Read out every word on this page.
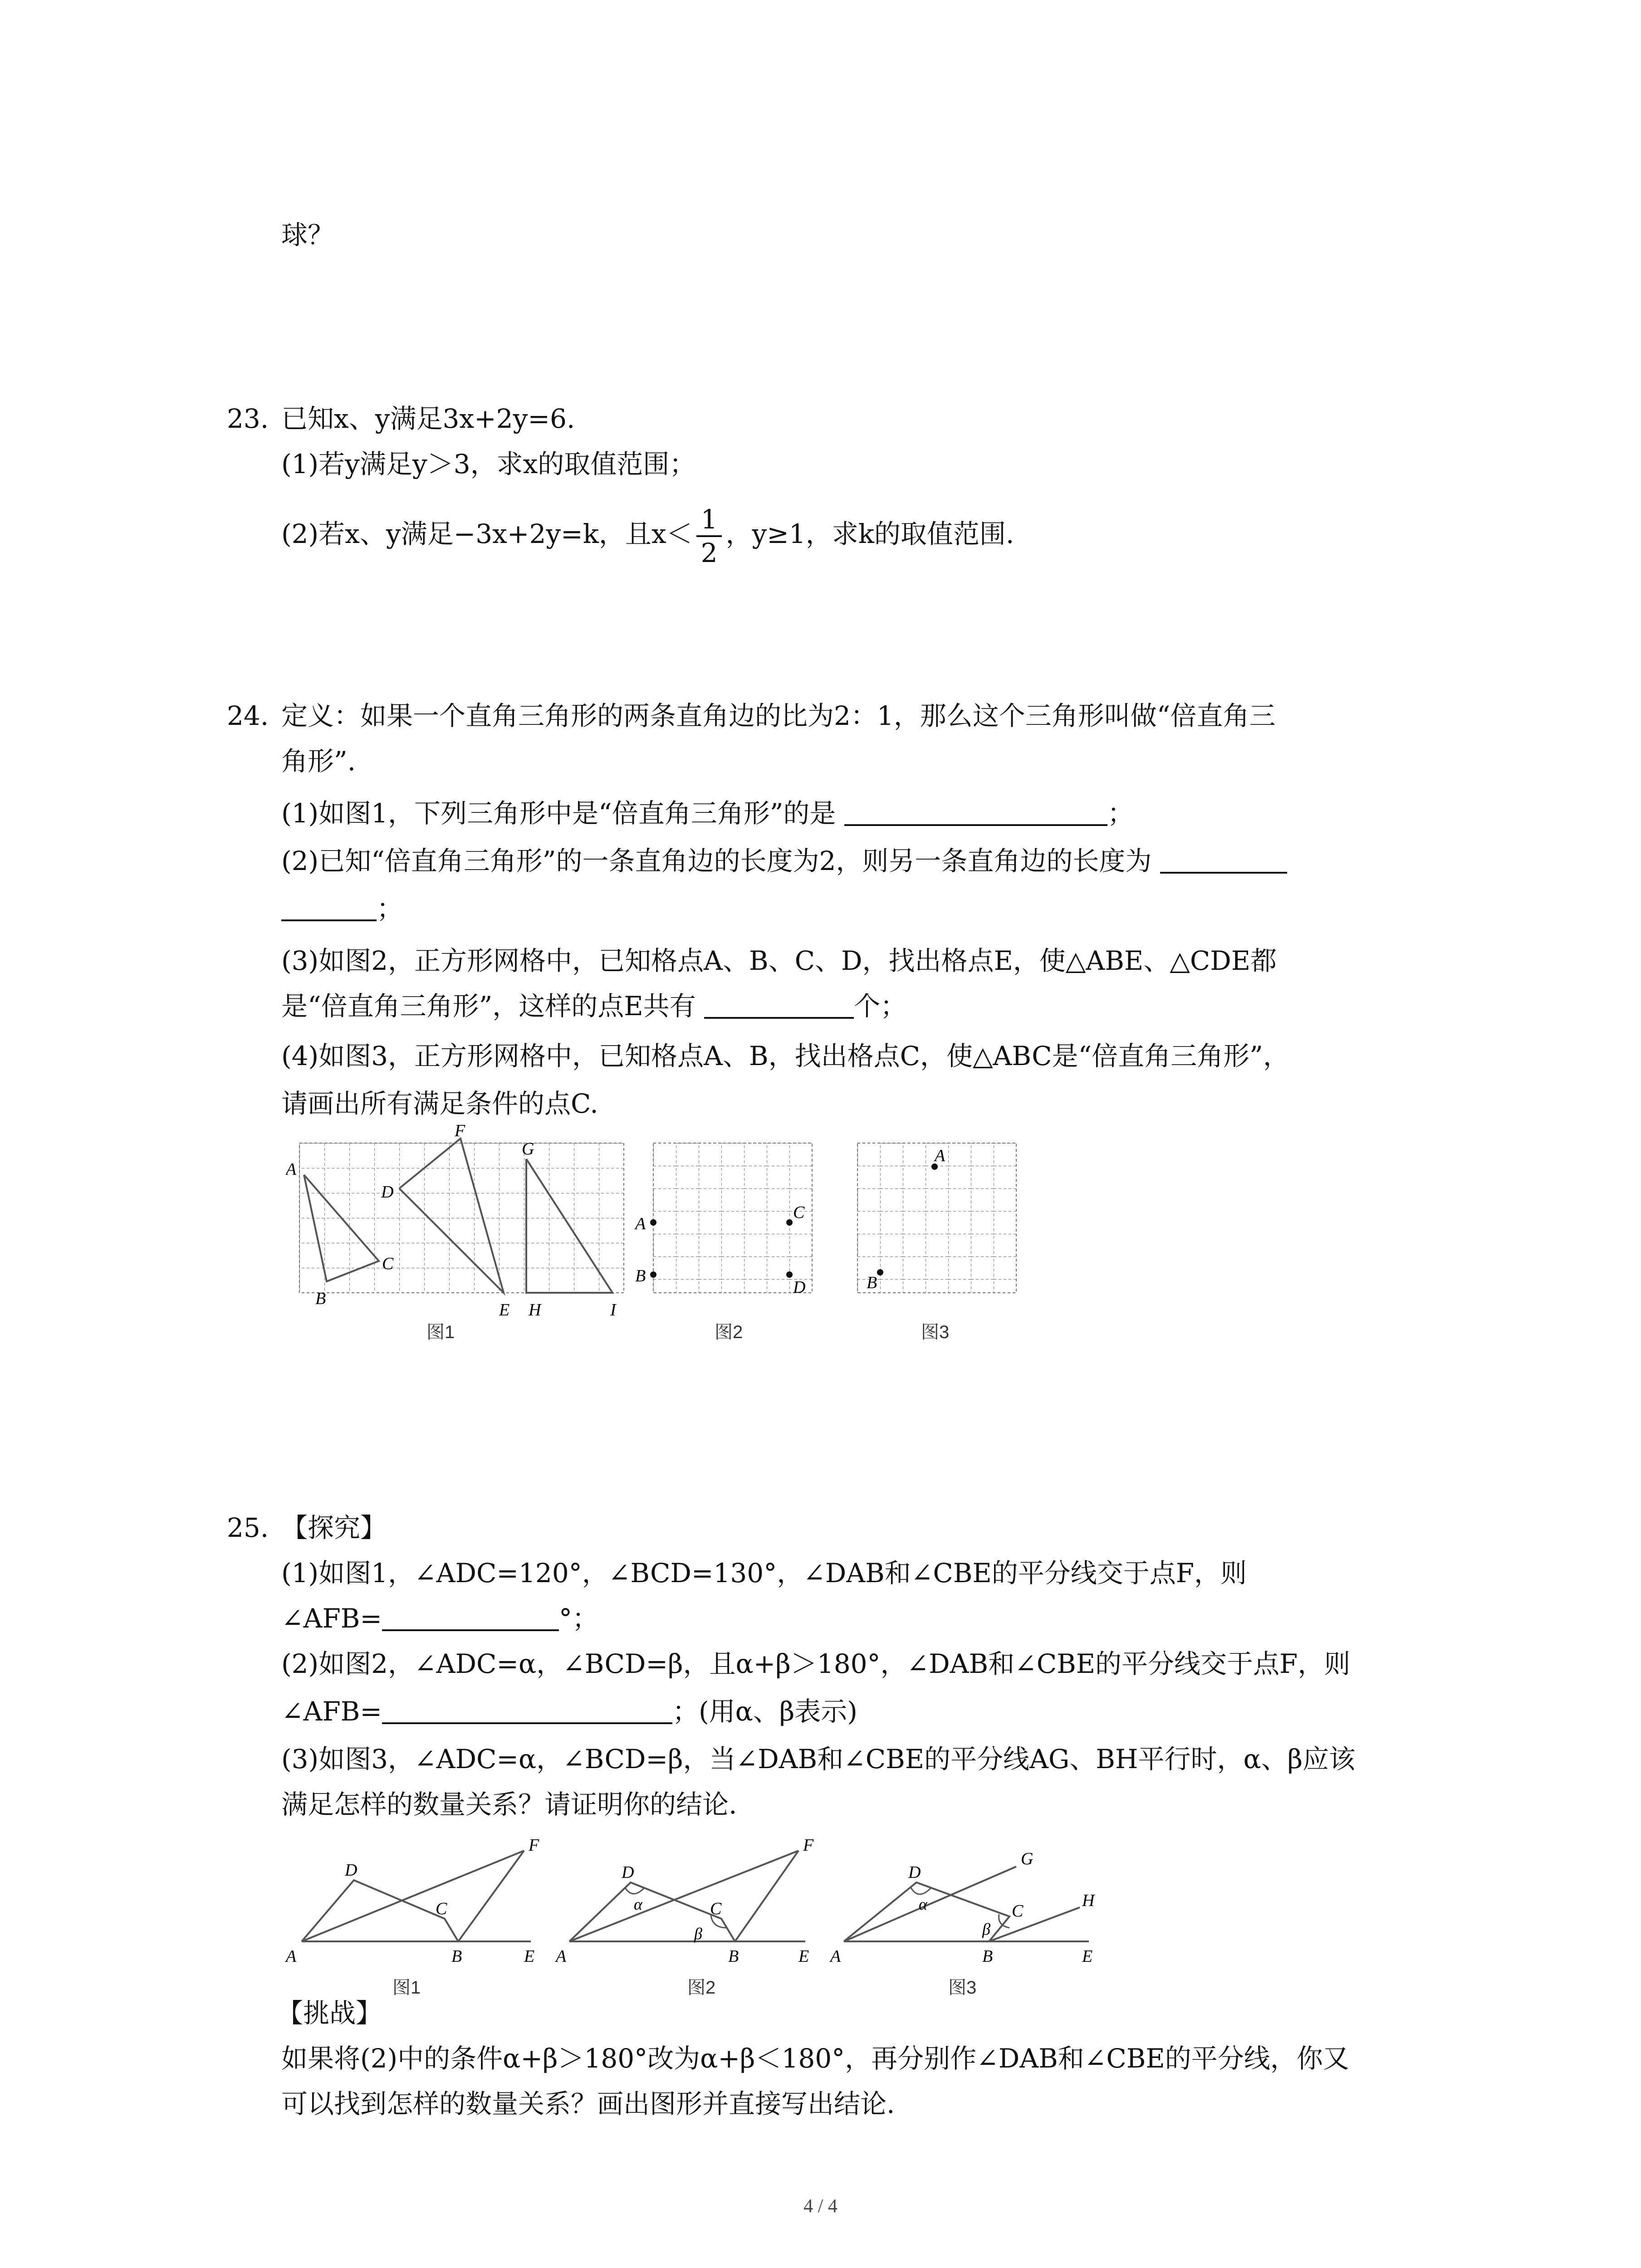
球？
23. 已知x、y满足3x+2y=6.
(1)若y满足y＞3，求x的取值范围；
(2)若x、y满足−3x+2y=k，且$x< \frac{1}{2}$ ，y≥1，求k的取值范围.
24. 定义：如果一个直角三角形的两条直角边的比为2：1，那么这个三角形叫做“倍直角三
角形”.
(1)如图1，下列三角形中是“倍直角三角形”的是	；
(2)已知“倍直角三角形”的一条直角边的长度为2，则另一条直角边的长度为
；
(3)如图2，正方形网格中，已知格点A、B、C、D，找出格点E，使△ABE、△CDE都
是“倍直角三角形”，这样的点E共有	个；
(4)如图3，正方形网格中，已知格点A、B，找出格点C，使△ABC是“倍直角三角形”，
请画出所有满足条件的点C.
A
B
C
D
E
F
G
H	I
图1
A
B
C
D
图2
A
B
图3
25. 【探究】
(1)如图1，∠ADC=120°，∠BCD=130°，∠DAB和∠CBE的平分线交于点F，则
∠AFB=	°；
(2)如图2，∠ADC=α，∠BCD=β，且α+β＞180°，∠DAB和∠CBE的平分线交于点F，则
∠AFB=	；(用α、β表示)
(3)如图3，∠ADC=α，∠BCD=β，当∠DAB和∠CBE的平分线AG、BH平行时，α、β应该
满足怎样的数量关系？请证明你的结论.
D
F
C
A	B	E
图1
D
α
F
C
β
A	B	E
图2
D
G
α	C
β
H
A	B	E
图3
【挑战】
如果将(2)中的条件α+β＞180°改为α+β＜180°，再分别作∠DAB和∠CBE的平分线，你又
可以找到怎样的数量关系？画出图形并直接写出结论.
4 / 4
